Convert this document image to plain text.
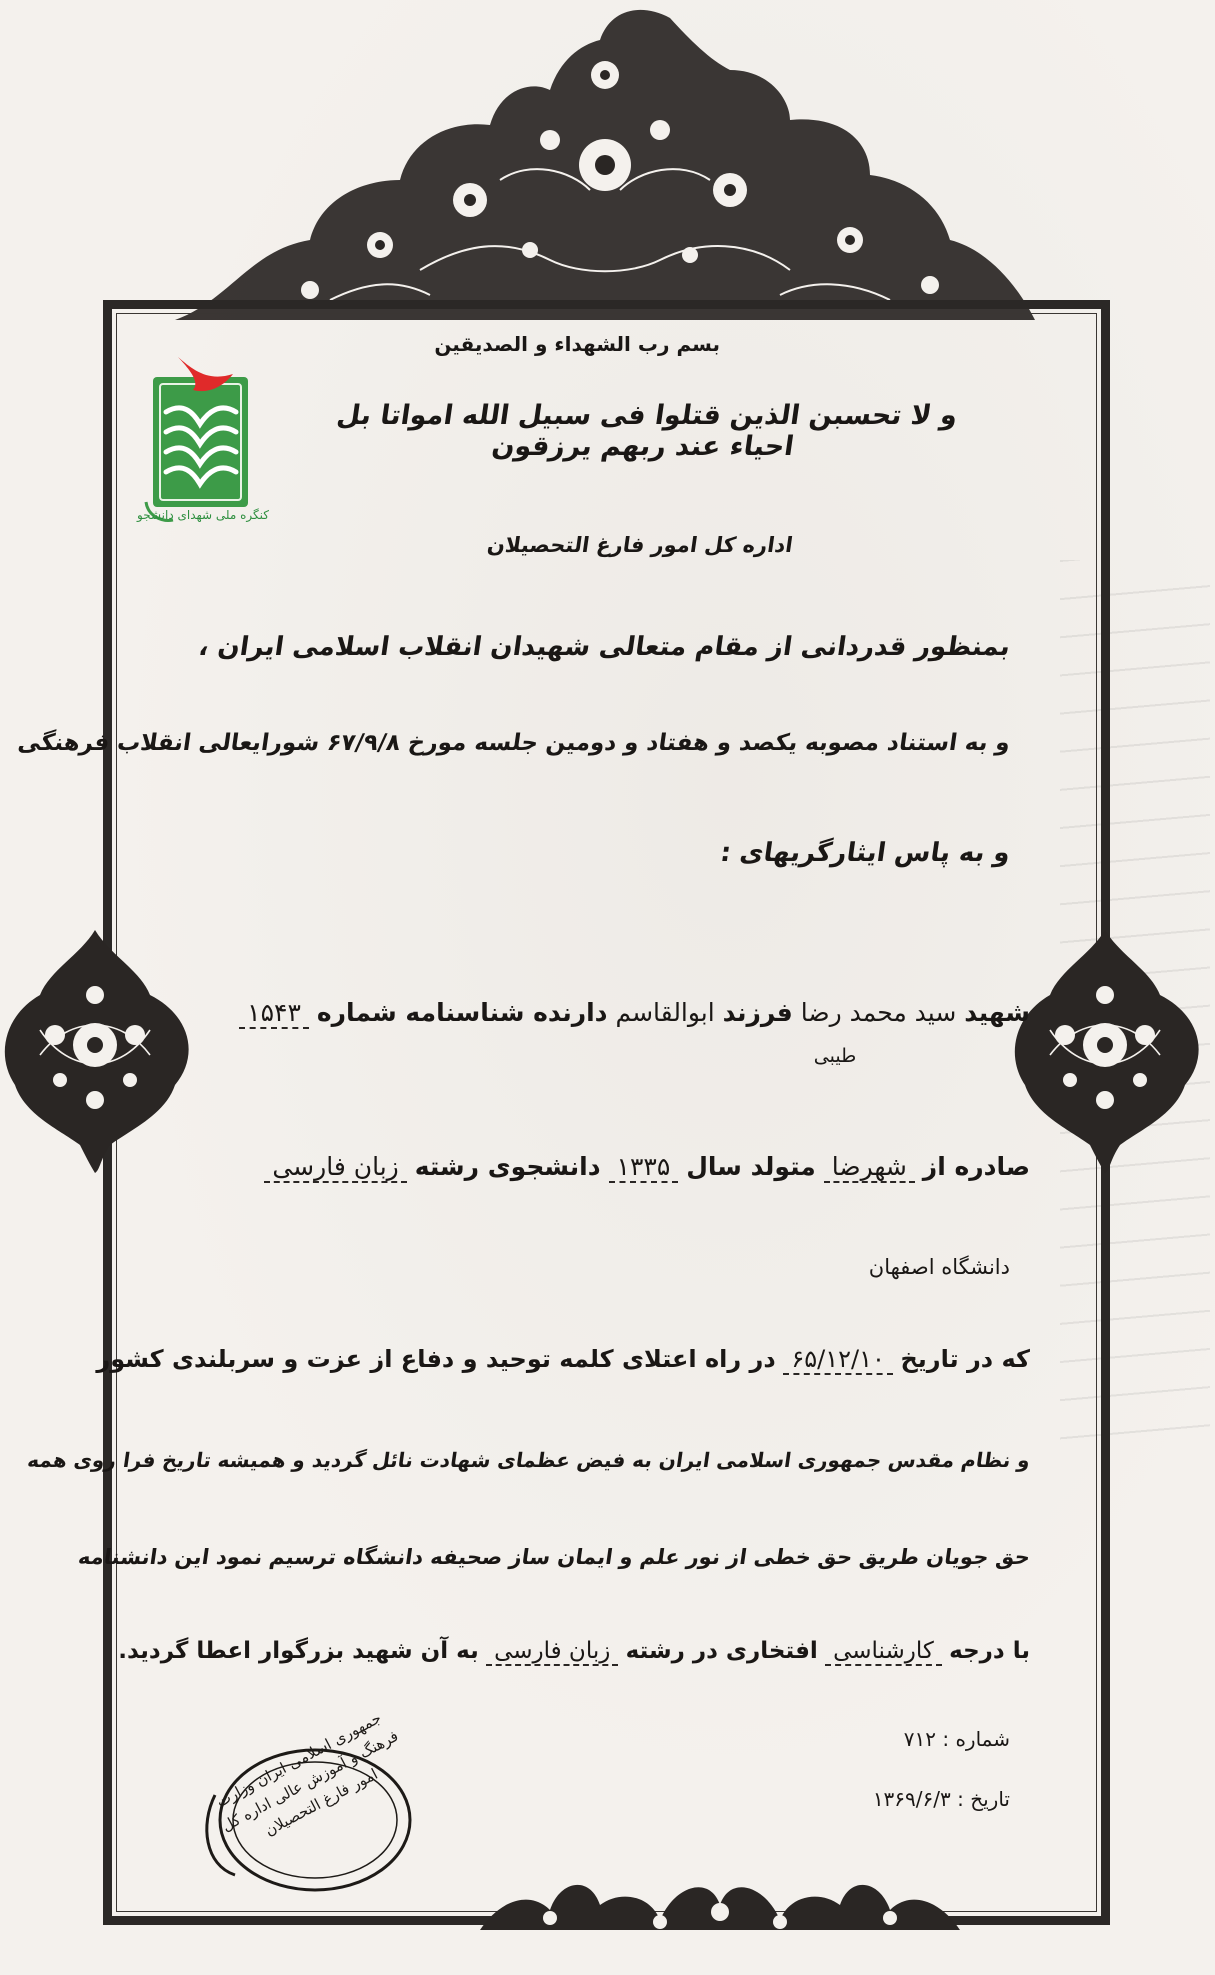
کنگره ملی شهدای دانشجو
بسم رب الشهداء و الصدیقین
و لا تحسبن الذین قتلوا فی سبیل الله امواتا بل احیاء عند ربهم یرزقون
اداره کل امور فارغ التحصیلان
بمنظور قدردانی از مقام متعالی شهیدان انقلاب اسلامی ایران ،
و به استناد مصوبه یکصد و هفتاد و دومین جلسه مورخ ۶۷/۹/۸ شورایعالی انقلاب فرهنگی
و به پاس ایثارگریهای :
شهید سید محمد رضا فرزند ابوالقاسم دارنده شناسنامه شماره ۱۵۴۳
طیبی
صادره از شهرضا متولد سال ۱۳۳۵ دانشجوی رشته زبان فارسی
دانشگاه اصفهان
که در تاریخ ۶۵/۱۲/۱۰ در راه اعتلای کلمه توحید و دفاع از عزت و سربلندی کشور
و نظام مقدس جمهوری اسلامی ایران به فیض عظمای شهادت نائل گردید و همیشه تاریخ فرا روی همه
حق جویان طریق حق خطی از نور علم و ایمان ساز صحیفه دانشگاه ترسیم نمود این دانشنامه
با درجه کارشناسی افتخاری در رشته زبان فارسی به آن شهید بزرگوار اعطا گردید.
شماره : ۷۱۲
تاریخ : ۱۳۶۹/۶/۳
جمهوری اسلامی ایران وزارت فرهنگ و آموزش عالی اداره کل امور فارغ التحصیلان
